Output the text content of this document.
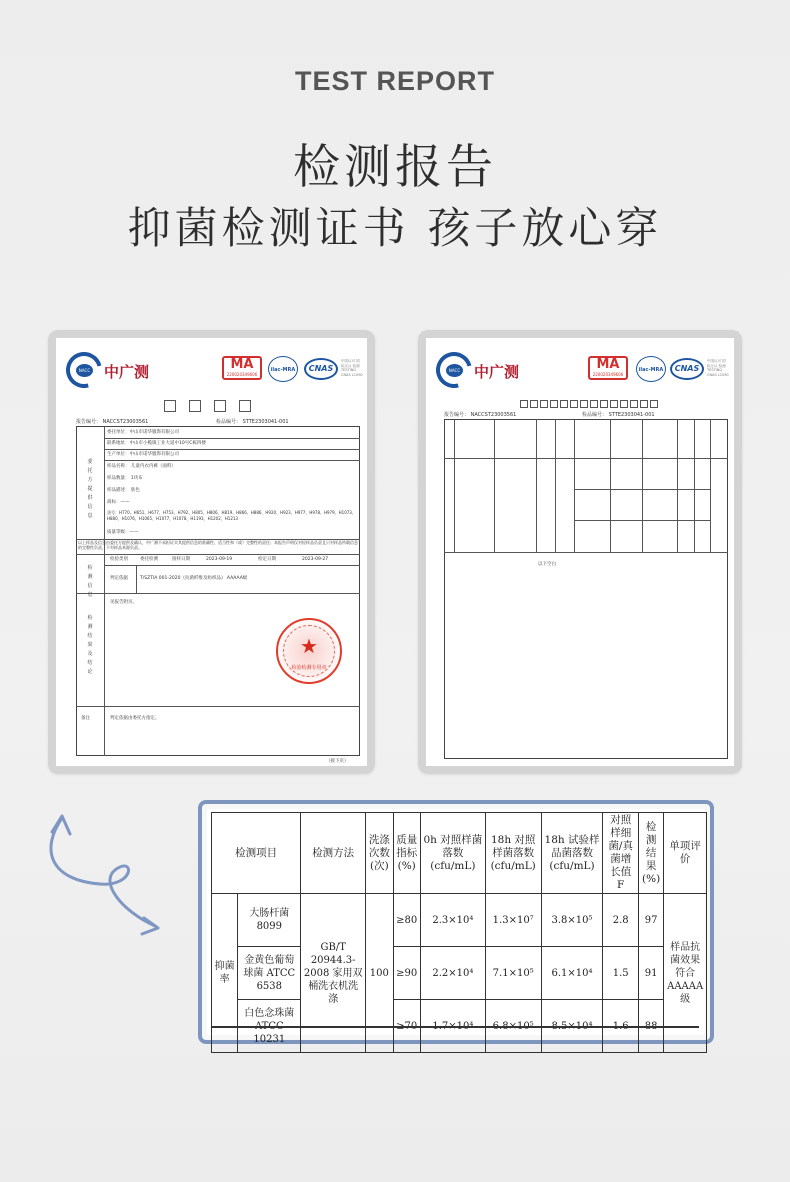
TEST REPORT
检测报告
抑菌检测证书 孩子放心穿
NACC 中广测	MA
220020349606
ilac-MRA	CNAS
中国认可 国际互认 检测 TESTING CNAS L1090
报告编号： NACCST23003561	检品编号： STTE2303041-001
委托方提供信息
委托单位：中山市诺华服饰有限公司
联系地址：中山市小榄镇工业大道中10号C栋四楼
生产单位：中山市诺华服饰有限公司
样品名称： 儿童内衣内裤（面料）
样品数量： 1块布
样品描述： 肤色
商标：——
货号：H770、H651、H677、H753、H792、H805、H806、H819、H866、H886、H920、H923、H977、H978、H979、H1073、H880、H1076、H1065、H1077、H1078、H1193、H1202、H1213
质量等级：——
以上样品及信息由委托方提供及确认，中广测不承担证实其提供信息的准确性、适当性和（或）完整性的责任；本报告声明仅对检样品负责且只对样品所载信息的完整性负责，不对样品来源负责。
检测信息
检验类别	委托检测	接样日期	2023-09-19	检定日期	2023-09-27
判定依据	T/SZTIA 001-2020《抗菌纤维及纺织品》 AAAAA级
检测结果及结论
见报告附页。
★
检验检测专用章
备注	判定依据由委托方指定。
（接下页）
NACC 中广测	MA
220020349606
ilac-MRA	CNAS
中国认可 国际互认 检测 TESTING CNAS L1090
报告编号： NACCST23003561	检品编号： STTE2303041-001
以下空白
检测项目		检测方法	洗涤次数(次)	质量指标(%)	0h 对照样菌落数(cfu/mL)	18h 对照样菌落数(cfu/mL)	18h 试验样品菌落数(cfu/mL)	对照样细菌/真菌增长值 F	检测结果(%)	单项评价
抑菌率	大肠杆菌 8099	GB/T 20944.3-2008 家用双桶洗衣机洗涤	100	≥80	2.3×10⁴	1.3×10⁷	3.8×10⁵	2.8	97	样品抗菌效果符合AAAAA级
	金黄色葡萄球菌 ATCC 6538			≥90	2.2×10⁴	7.1×10⁵	6.1×10⁴	1.5	91	
	白色念珠菌 ATCC 10231			≥70	1.7×10⁴	6.8×10⁵	8.5×10⁴	1.6	88	
